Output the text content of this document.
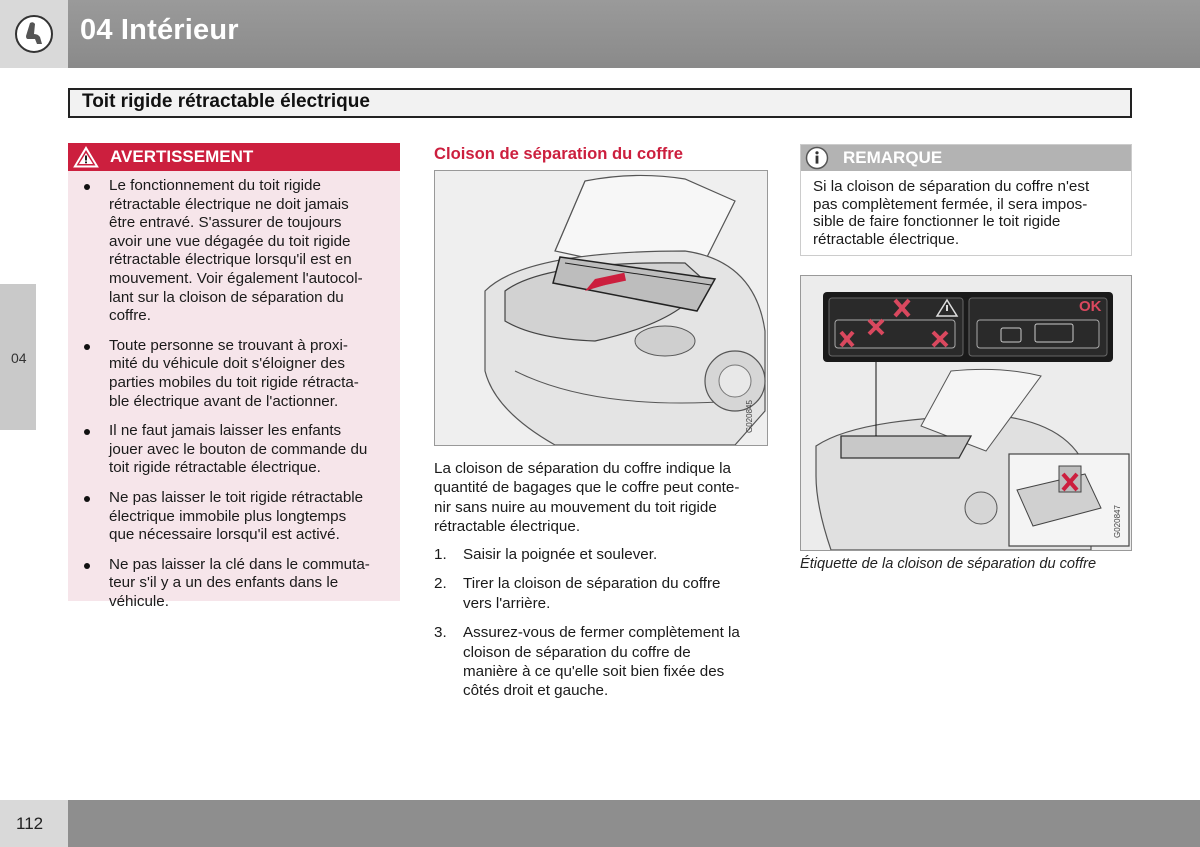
04 Intérieur
Toit rigide rétractable électrique
04
AVERTISSEMENT
Le fonctionnement du toit rigide
rétractable électrique ne doit jamais
être entravé. S'assurer de toujours
avoir une vue dégagée du toit rigide
rétractable électrique lorsqu'il est en
mouvement. Voir également l'autocol-
lant sur la cloison de séparation du
coffre.
Toute personne se trouvant à proxi-
mité du véhicule doit s'éloigner des
parties mobiles du toit rigide rétracta-
ble électrique avant de l'actionner.
Il ne faut jamais laisser les enfants
jouer avec le bouton de commande du
toit rigide rétractable électrique.
Ne pas laisser le toit rigide rétractable
électrique immobile plus longtemps
que nécessaire lorsqu'il est activé.
Ne pas laisser la clé dans le commuta-
teur s'il y a un des enfants dans le
véhicule.
Cloison de séparation du coffre
G020845
La cloison de séparation du coffre indique la
quantité de bagages que le coffre peut conte-
nir sans nuire au mouvement du toit rigide
rétractable électrique.
1. Saisir la poignée et soulever.
2. Tirer la cloison de séparation du coffre
vers l'arrière.
3. Assurez-vous de fermer complètement la
cloison de séparation du coffre de
manière à ce qu'elle soit bien fixée des
côtés droit et gauche.
REMARQUE
Si la cloison de séparation du coffre n'est
pas complètement fermée, il sera impos-
sible de faire fonctionner le toit rigide
rétractable électrique.
OK
G020847
Étiquette de la cloison de séparation du coffre
112
